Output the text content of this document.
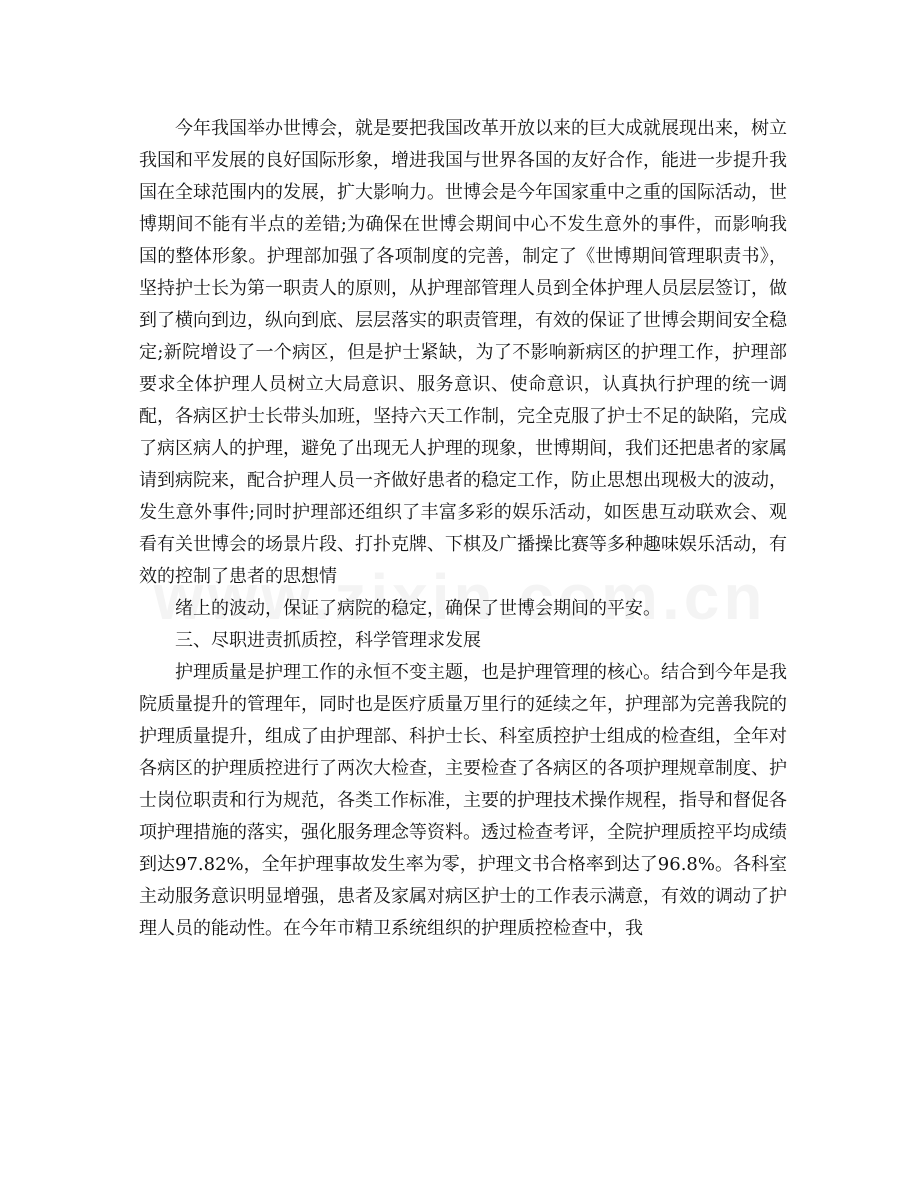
今年我国举办世博会，就是要把我国改革开放以来的巨大成就展现出来，树立我国和平发展的良好国际形象，增进我国与世界各国的友好合作，能进一步提升我国在全球范围内的发展，扩大影响力。世博会是今年国家重中之重的国际活动，世博期间不能有半点的差错;为确保在世博会期间中心不发生意外的事件，而影响我国的整体形象。护理部加强了各项制度的完善，制定了《世博期间管理职责书》，坚持护士长为第一职责人的原则，从护理部管理人员到全体护理人员层层签订，做到了横向到边，纵向到底、层层落实的职责管理，有效的保证了世博会期间安全稳定;新院增设了一个病区，但是护士紧缺，为了不影响新病区的护理工作，护理部要求全体护理人员树立大局意识、服务意识、使命意识，认真执行护理的统一调配，各病区护士长带头加班，坚持六天工作制，完全克服了护士不足的缺陷，完成了病区病人的护理，避免了出现无人护理的现象，世博期间，我们还把患者的家属请到病院来，配合护理人员一齐做好患者的稳定工作，防止思想出现极大的波动，发生意外事件;同时护理部还组织了丰富多彩的娱乐活动，如医患互动联欢会、观看有关世博会的场景片段、打扑克牌、下棋及广播操比赛等多种趣味娱乐活动，有效的控制了患者的思想情

绪上的波动，保证了病院的稳定，确保了世博会期间的平安。

三、尽职进责抓质控，科学管理求发展

护理质量是护理工作的永恒不变主题，也是护理管理的核心。结合到今年是我院质量提升的管理年，同时也是医疗质量万里行的延续之年，护理部为完善我院的护理质量提升，组成了由护理部、科护士长、科室质控护士组成的检查组，全年对各病区的护理质控进行了两次大检查，主要检查了各病区的各项护理规章制度、护士岗位职责和行为规范，各类工作标准，主要的护理技术操作规程，指导和督促各项护理措施的落实，强化服务理念等资料。透过检查考评，全院护理质控平均成绩到达97.82%，全年护理事故发生率为零，护理文书合格率到达了96.8%。各科室主动服务意识明显增强，患者及家属对病区护士的工作表示满意，有效的调动了护理人员的能动性。在今年市精卫系统组织的护理质控检查中，我
